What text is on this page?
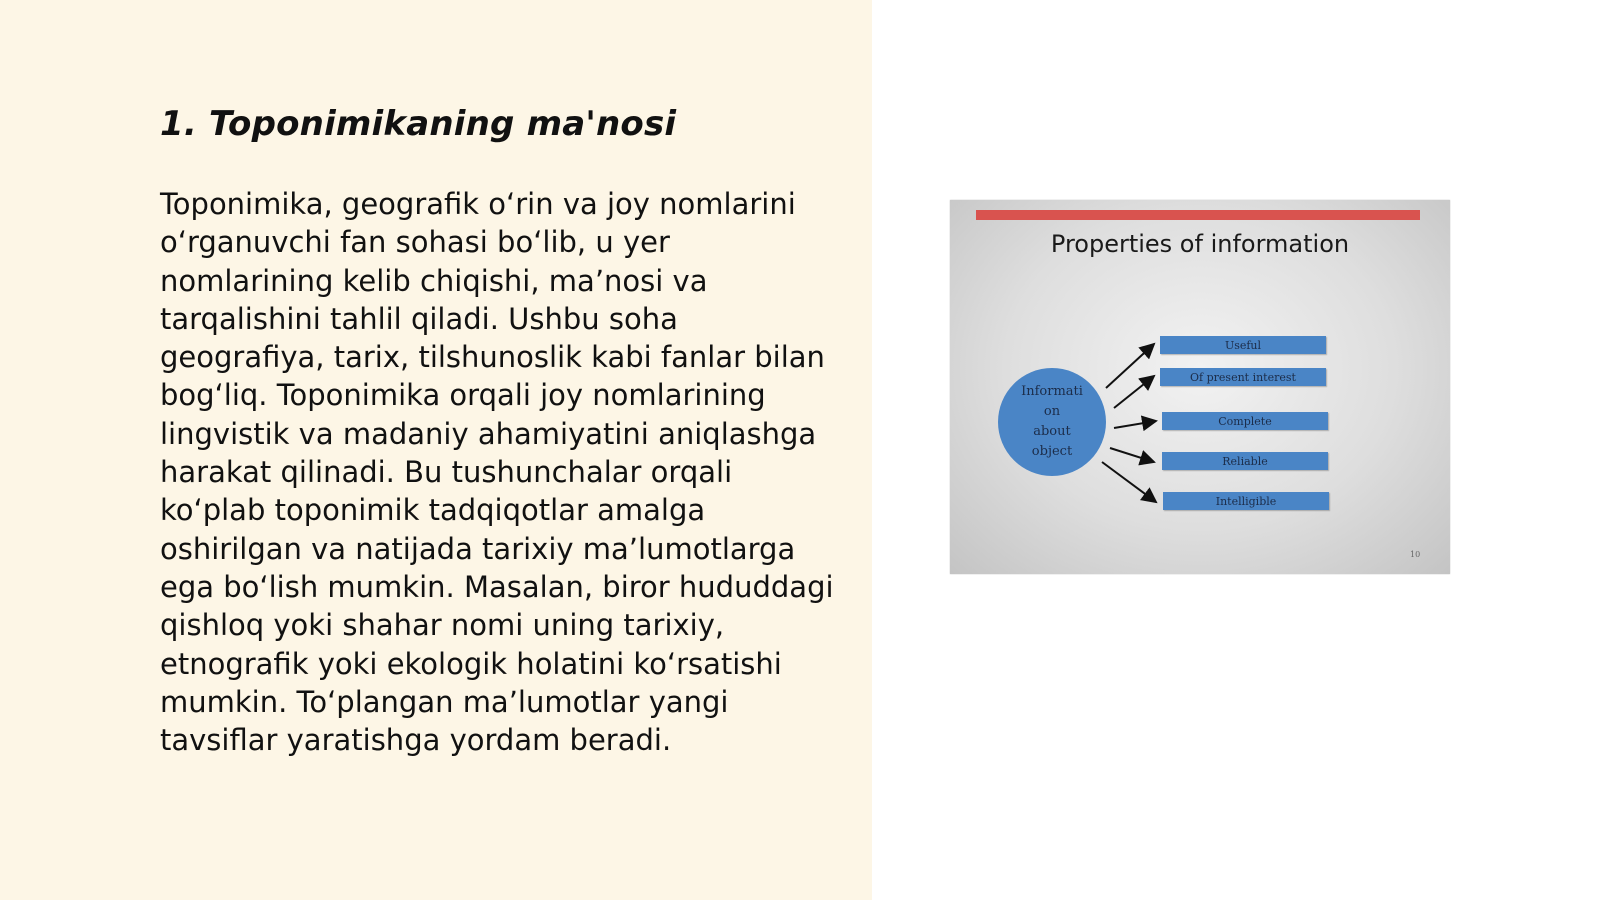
1. Toponimikaning ma'nosi

Toponimika, geografik o‘rin va joy nomlarini o‘rganuvchi fan sohasi bo‘lib, u yer nomlarining kelib chiqishi, ma’nosi va tarqalishini tahlil qiladi. Ushbu soha geografiya, tarix, tilshunoslik kabi fanlar bilan bog‘liq. Toponimika orqali joy nomlarining lingvistik va madaniy ahamiyatini aniqlashga harakat qilinadi. Bu tushunchalar orqali ko‘plab toponimik tadqiqotlar amalga oshirilgan va natijada tarixiy ma’lumotlarga ega bo‘lish mumkin. Masalan, biror hududdagi qishloq yoki shahar nomi uning tarixiy, etnografik yoki ekologik holatini ko‘rsatishi mumkin. To‘plangan ma’lumotlar yangi tavsiflar yaratishga yordam beradi.

Properties of information
Informati
on
about
object
Useful
Of present interest
Complete
Reliable
Intelligible
10
